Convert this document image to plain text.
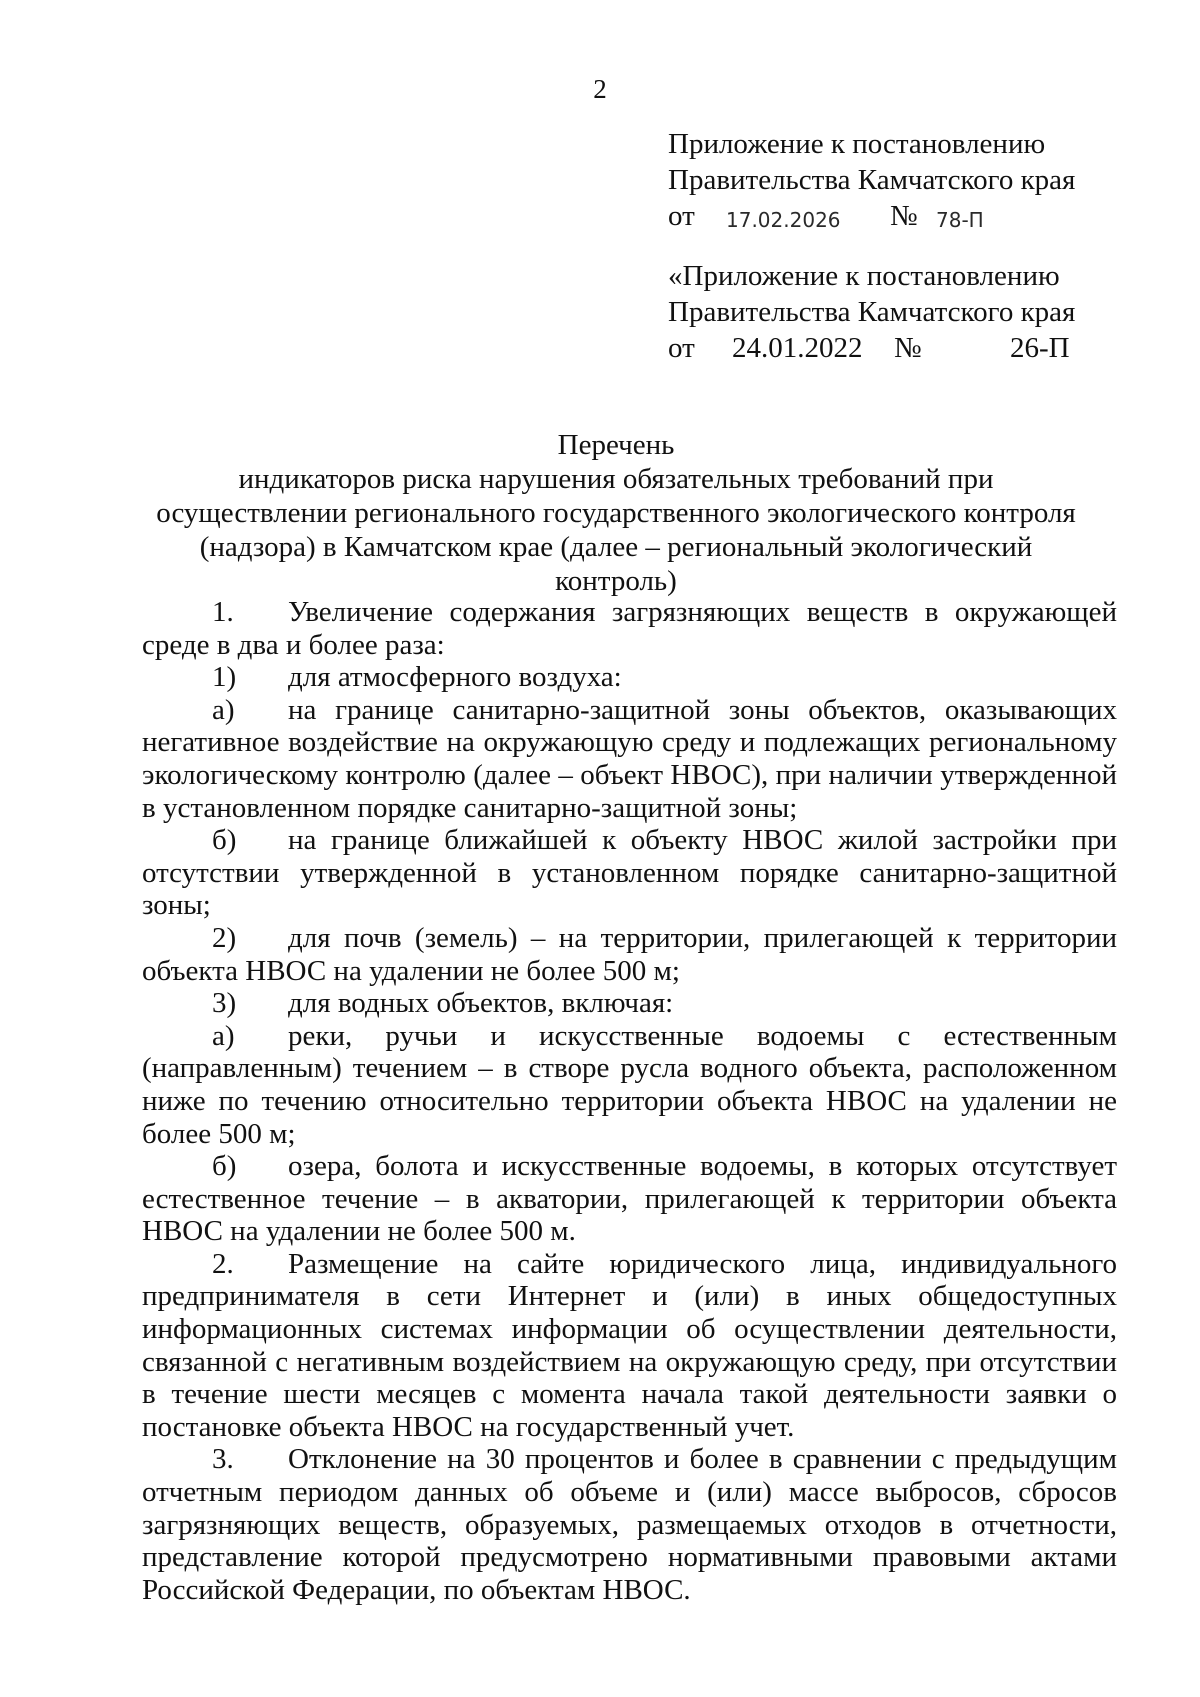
2
Приложение к постановлению
Правительства Камчатского края
от 17.02.2026 № 78-П
«Приложение к постановлению
Правительства Камчатского края
от 24.01.2022 №	26-П
Перечень
индикаторов риска нарушения обязательных требований при осуществлении регионального государственного экологического контроля (надзора) в Камчатском крае (далее – региональный экологический контроль)

1. Увеличение содержания загрязняющих веществ в окружающей среде в два и более раза:

1) для атмосферного воздуха:

а) на границе санитарно-защитной зоны объектов, оказывающих негативное воздействие на окружающую среду и подлежащих региональному экологическому контролю (далее – объект НВОС), при наличии утвержденной в установленном порядке санитарно-защитной зоны;

б) на границе ближайшей к объекту НВОС жилой застройки при отсутствии утвержденной в установленном порядке санитарно-защитной зоны;

2) для почв (земель) – на территории, прилегающей к территории объекта НВОС на удалении не более 500 м;

3) для водных объектов, включая:

а) реки, ручьи и искусственные водоемы с естественным (направленным) течением – в створе русла водного объекта, расположенном ниже по течению относительно территории объекта НВОС на удалении не более 500 м;

б) озера, болота и искусственные водоемы, в которых отсутствует естественное течение – в акватории, прилегающей к территории объекта НВОС на удалении не более 500 м.

2. Размещение на сайте юридического лица, индивидуального предпринимателя в сети Интернет и (или) в иных общедоступных информационных системах информации об осуществлении деятельности, связанной с негативным воздействием на окружающую среду, при отсутствии в течение шести месяцев с момента начала такой деятельности заявки о постановке объекта НВОС на государственный учет.

3. Отклонение на 30 процентов и более в сравнении с предыдущим отчетным периодом данных об объеме и (или) массе выбросов, сбросов загрязняющих веществ, образуемых, размещаемых отходов в отчетности, представление которой предусмотрено нормативными правовыми актами Российской Федерации, по объектам НВОС.
